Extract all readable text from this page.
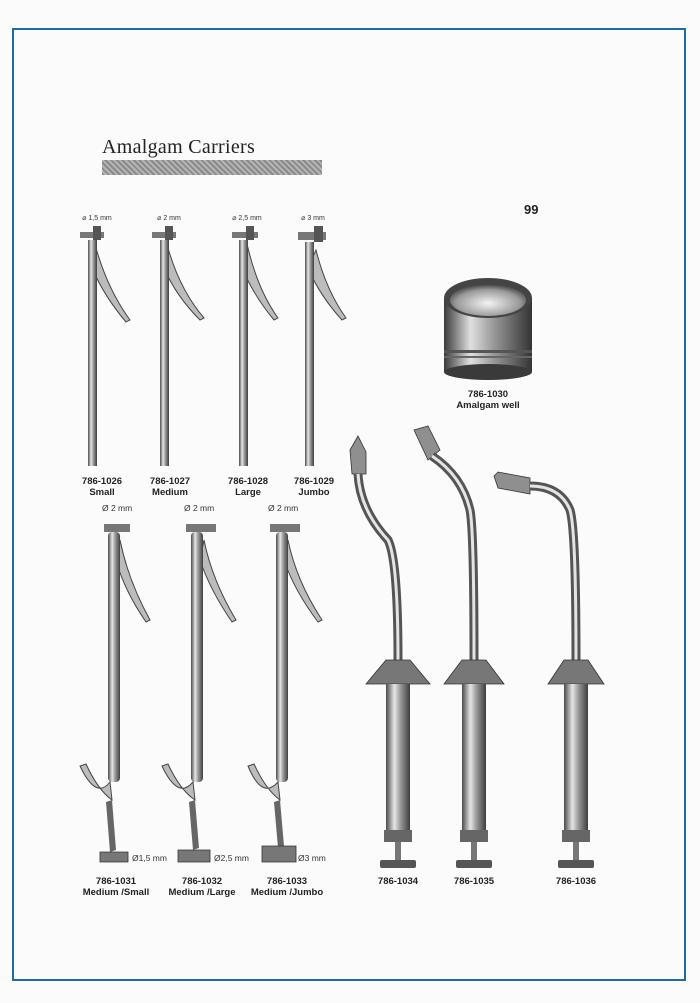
Amalgam Carriers
99
⌀ 1,5 mm	⌀ 2 mm	⌀ 2,5 mm	⌀ 3 mm
786-1026
Small
786-1027
Medium
786-1028
Large
786-1029
Jumbo
Ø 2 mm	Ø 2 mm	Ø 2 mm
Ø1,5 mm	Ø2,5 mm	Ø3 mm
786-1031
Medium /Small
786-1032
Medium /Large
786-1033
Medium /Jumbo
786-1030
Amalgam well
786-1034	786-1035	786-1036
